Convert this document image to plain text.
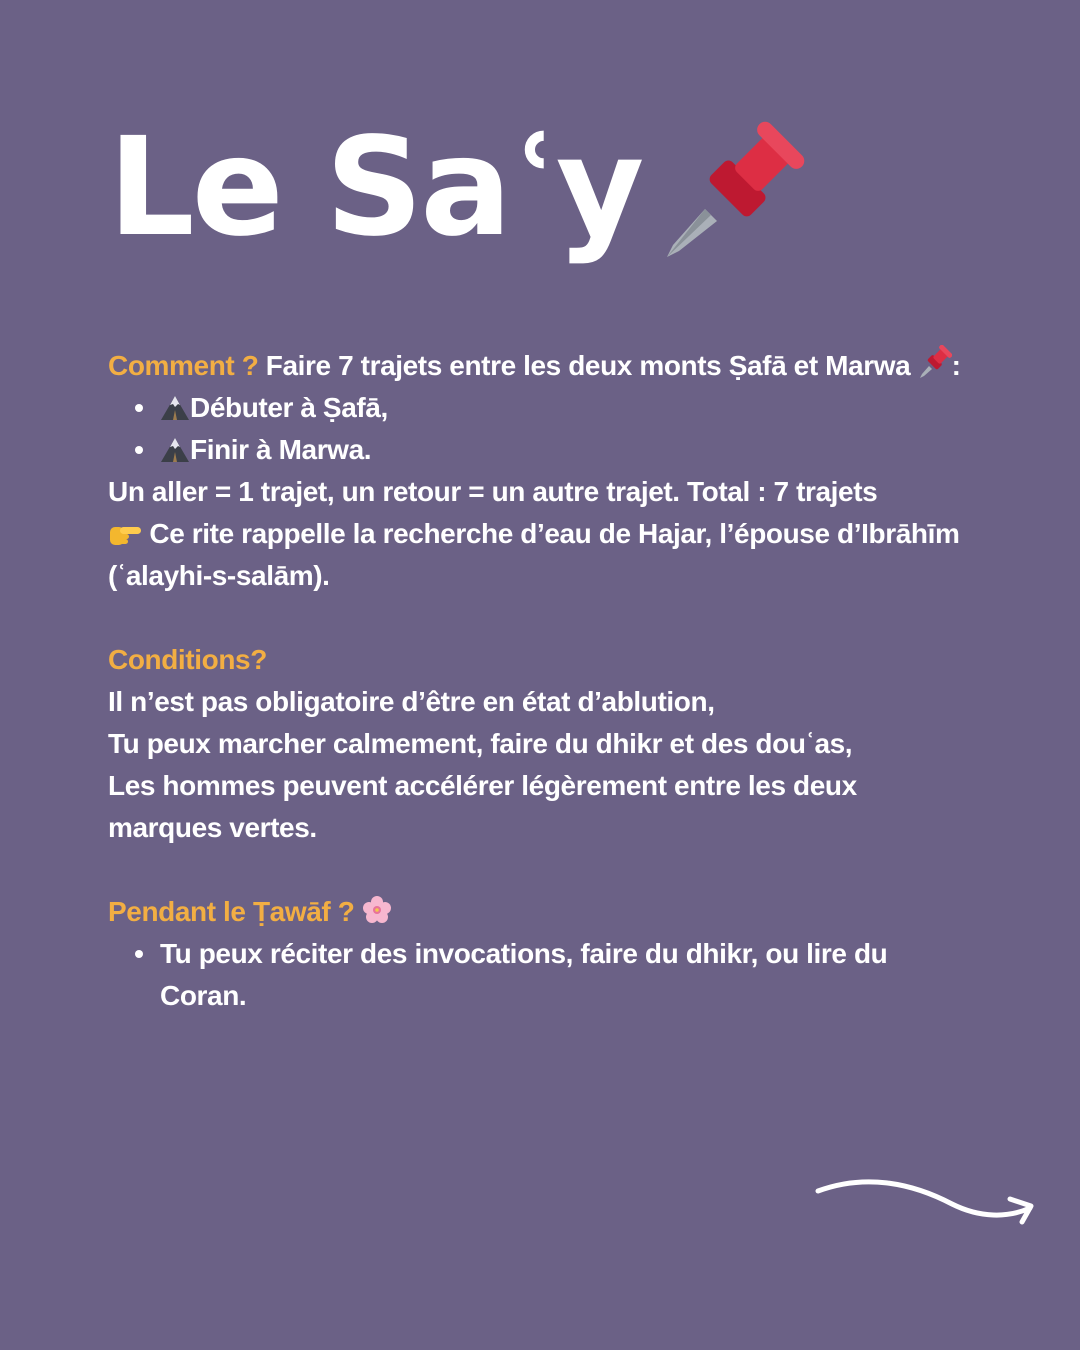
Le Saʿy
Comment ? Faire 7 trajets entre les deux monts Ṣafā et Marwa :
Débuter à Ṣafā,
Finir à Marwa.
Un aller = 1 trajet, un retour = un autre trajet. Total : 7 trajets
Ce rite rappelle la recherche d’eau de Hajar, l’épouse d’Ibrāhīm
(ʿalayhi-s-salām).
Conditions?
Il n’est pas obligatoire d’être en état d’ablution,
Tu peux marcher calmement, faire du dhikr et des douʿas,
Les hommes peuvent accélérer légèrement entre les deux
marques vertes.
Pendant le Ṭawāf ?
Tu peux réciter des invocations, faire du dhikr, ou lire du Coran.
